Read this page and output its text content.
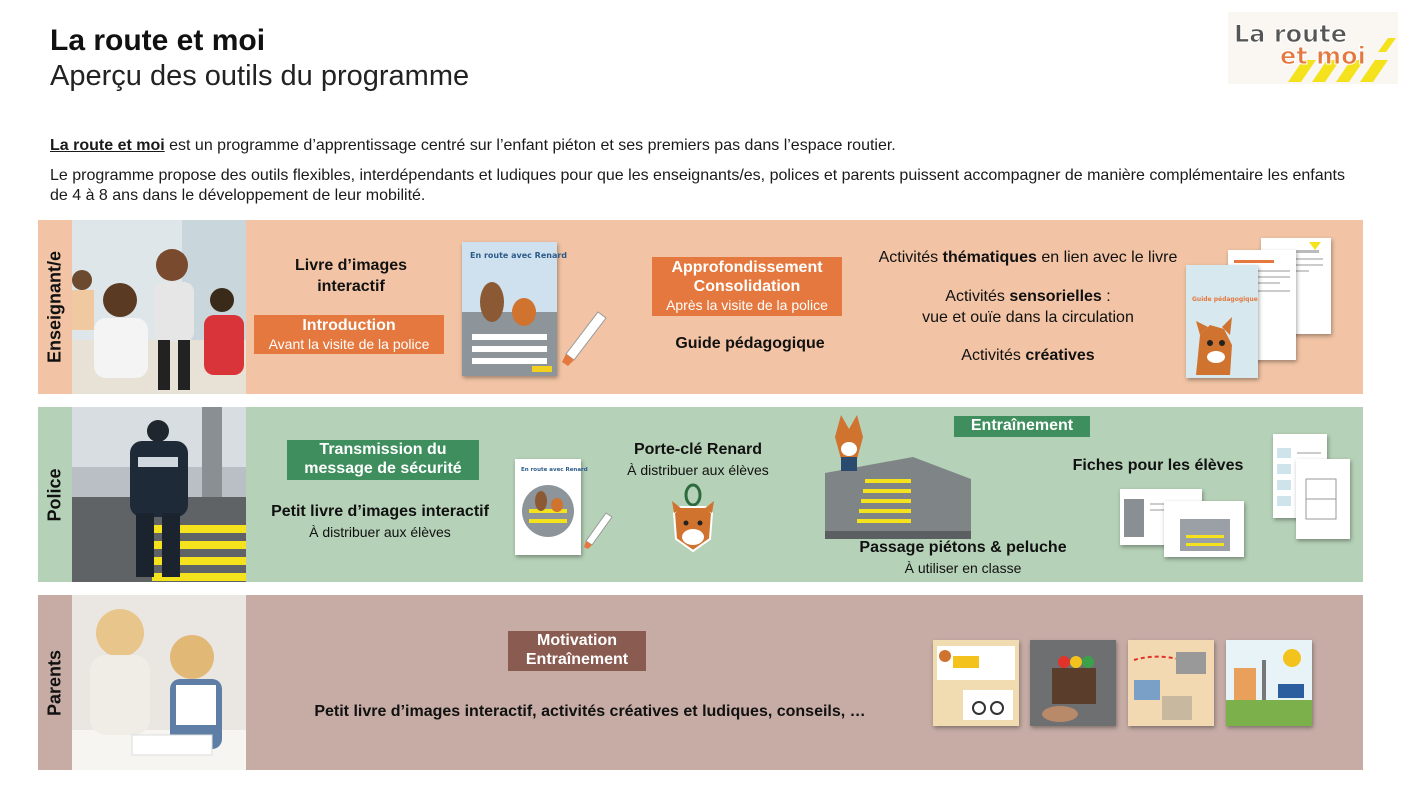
La route et moi
Aperçu des outils du programme
La route
et moi
La route et moi est un programme d’apprentissage centré sur l’enfant piéton et ses premiers pas dans l’espace routier.
Le programme propose des outils flexibles, interdépendants et ludiques pour que les enseignants/es, polices et parents puissent accompagner de manière complémentaire les enfants de 4 à 8 ans dans le développement de leur mobilité.
Enseignant/e	Livre d’images interactif
Introduction
Avant la visite de la police
En route avec Renard
Approfondissement
Consolidation
Après la visite de la police
Guide pédagogique
Activités thématiques en lien avec le livre
Activités sensorielles :
vue et ouïe dans la circulation
Activités créatives
Guide pédagogique
Police
Transmission du
message de sécurité
Petit livre d’images interactif
À distribuer aux élèves
En route avec Renard
Porte-clé Renard
À distribuer aux élèves
Entraînement
Passage piétons & peluche
À utiliser en classe
Fiches pour les élèves
Parents
Motivation
Entraînement
Petit livre d’images interactif, activités créatives et ludiques, conseils, …
